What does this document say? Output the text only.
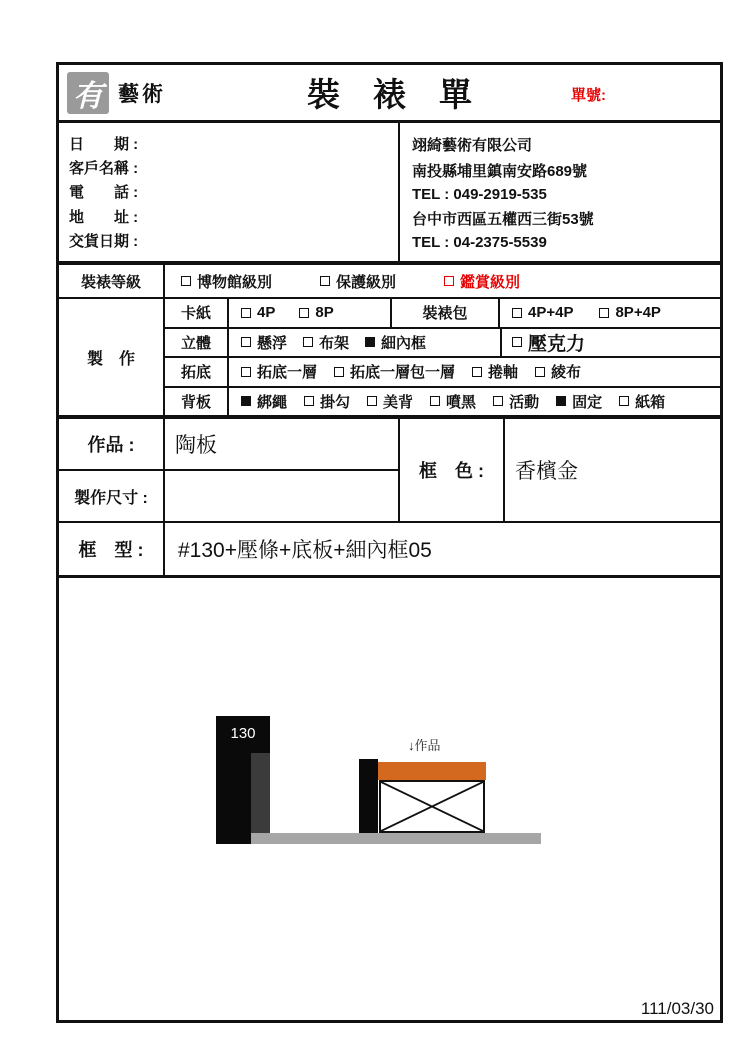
有 藝術	裝　裱　單	單號:
日　　期 :
客戶名稱 :
電　　話 :
地　　址 :
交貨日期 :
翊綺藝術有限公司
南投縣埔里鎮南安路689號
TEL : 049-2919-535
台中市西區五權西三街53號
TEL : 04-2375-5539
裝裱等級	博物館級別	保護級別	鑑賞級別
製　作
卡紙	4P	8P	裝裱包	4P+4P	8P+4P
立體	懸浮 布架 細內框	壓克力
拓底	拓底一層 拓底一層包一層 捲軸 綾布
背板	綁繩 掛勾 美背 噴黑 活動 固定 紙箱
作品 :	陶板
製作尺寸 :
框　色 :	香檳金
框　型 :	#130+壓條+底板+細內框05
130
↓作品
111/03/30
